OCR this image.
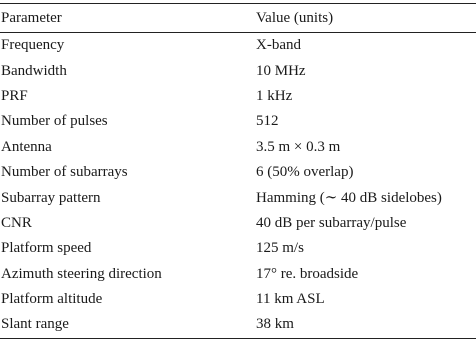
Parameter	Value (units)
Frequency	X-band
Bandwidth	10 MHz
PRF	1 kHz
Number of pulses	512
Antenna	3.5 m × 0.3 m
Number of subarrays	6 (50% overlap)
Subarray pattern	Hamming (∼ 40 dB sidelobes)
CNR	40 dB per subarray/pulse
Platform speed	125 m/s
Azimuth steering direction	17° re. broadside
Platform altitude	11 km ASL
Slant range	38 km
